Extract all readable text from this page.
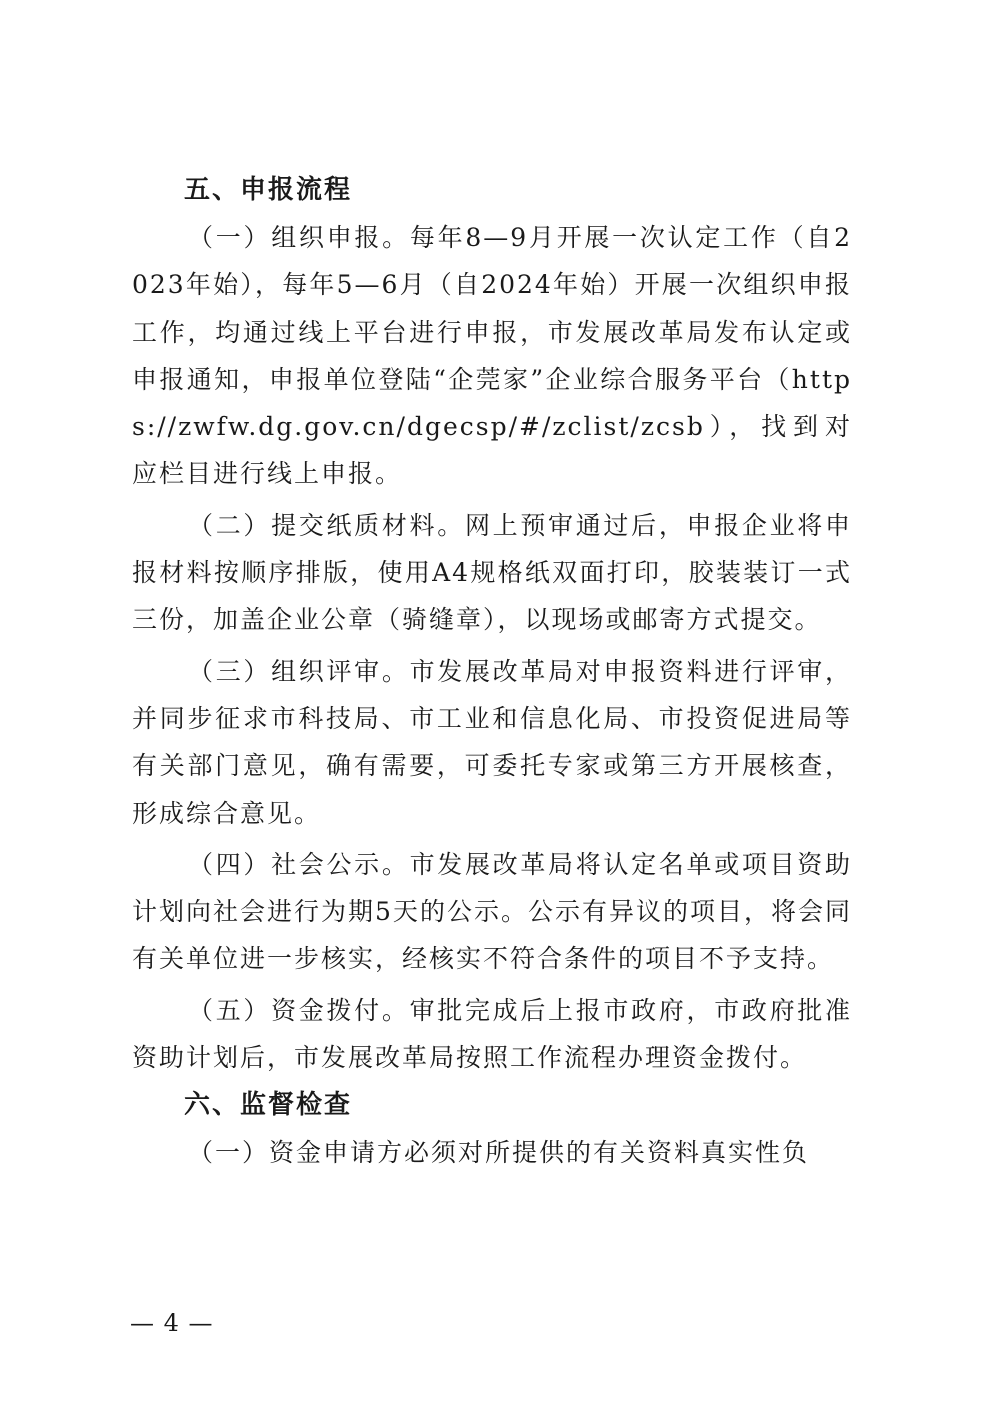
五、申报流程

（一）组织申报。每年8—9月开展一次认定工作（自2023年始），每年5—6月（自2024年始）开展一次组织申报工作，均通过线上平台进行申报，市发展改革局发布认定或申报通知，申报单位登陆“企莞家”企业综合服务平台（https://zwfw.dg.gov.cn/dgecsp/#/zclist/zcsb），找到对应栏目进行线上申报。

（二）提交纸质材料。网上预审通过后，申报企业将申报材料按顺序排版，使用A4规格纸双面打印，胶装装订一式三份，加盖企业公章（骑缝章），以现场或邮寄方式提交。

（三）组织评审。市发展改革局对申报资料进行评审，并同步征求市科技局、市工业和信息化局、市投资促进局等有关部门意见，确有需要，可委托专家或第三方开展核查，形成综合意见。

（四）社会公示。市发展改革局将认定名单或项目资助计划向社会进行为期5天的公示。公示有异议的项目，将会同有关单位进一步核实，经核实不符合条件的项目不予支持。

（五）资金拨付。审批完成后上报市政府，市政府批准资助计划后，市发展改革局按照工作流程办理资金拨付。

六、监督检查

（一）资金申请方必须对所提供的有关资料真实性负

— 4 —
